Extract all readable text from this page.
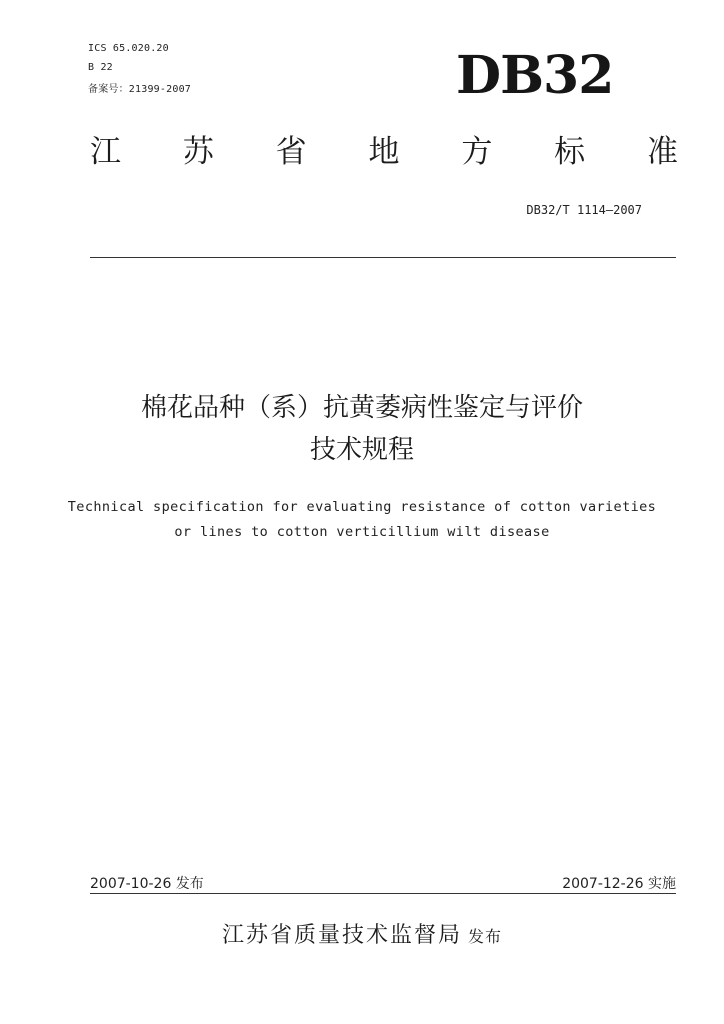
ICS 65.020.20
B 22
备案号：21399-2007	DB32
江 苏 省 地 方 标 准
DB32/T 1114—2007
棉花品种（系）抗黄萎病性鉴定与评价
技术规程
Technical specification for evaluating resistance of cotton varieties
or lines to cotton verticillium wilt disease
2007-10-26 发布	2007-12-26 实施
江苏省质量技术监督局 发布
